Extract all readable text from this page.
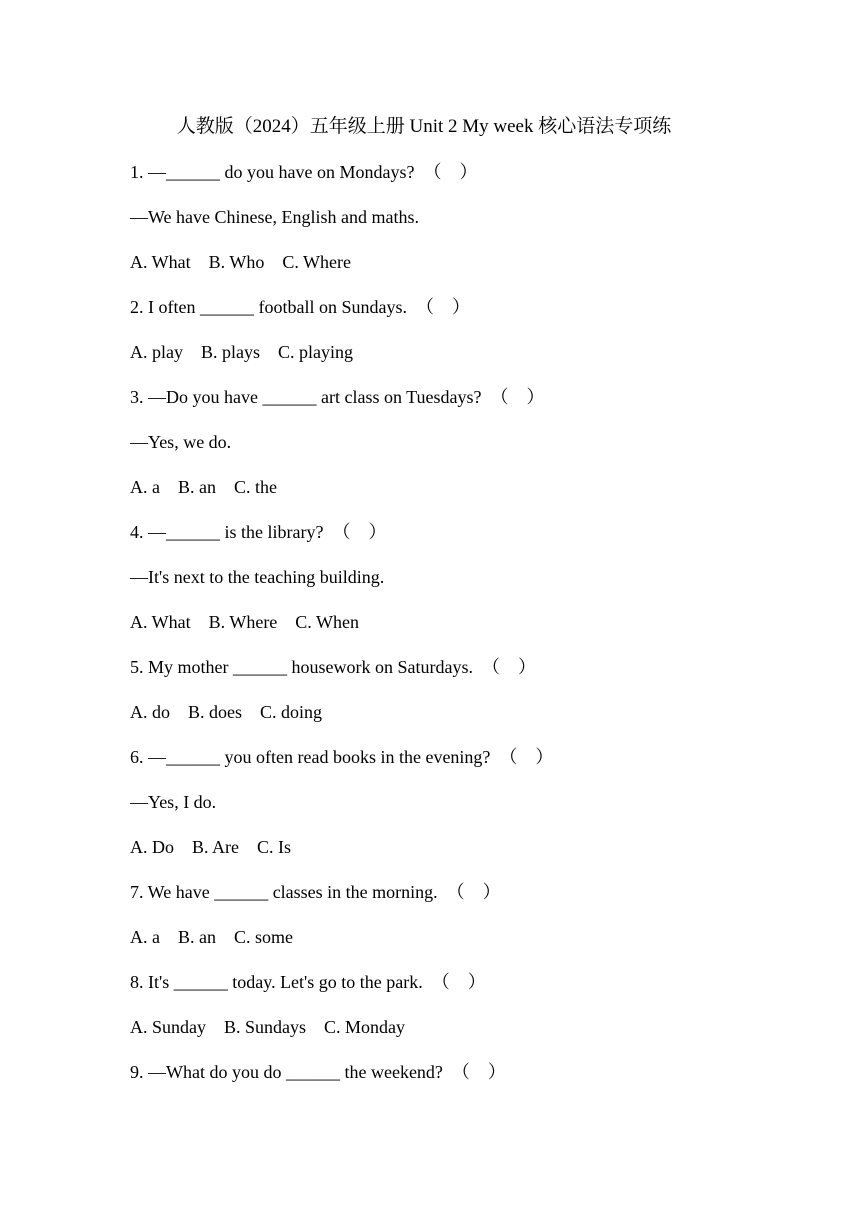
人教版（2024）五年级上册 Unit 2 My week 核心语法专项练
1. —______ do you have on Mondays?  （    ）
—We have Chinese, English and maths.
A. What    B. Who    C. Where
2. I often ______ football on Sundays.  （    ）
A. play    B. plays    C. playing
3. —Do you have ______ art class on Tuesdays?  （    ）
—Yes, we do.
A. a    B. an    C. the
4. —______ is the library?  （    ）
—It's next to the teaching building.
A. What    B. Where    C. When
5. My mother ______ housework on Saturdays.  （    ）
A. do    B. does    C. doing
6. —______ you often read books in the evening?  （    ）
—Yes, I do.
A. Do    B. Are    C. Is
7. We have ______ classes in the morning.  （    ）
A. a    B. an    C. some
8. It's ______ today. Let's go to the park.  （    ）
A. Sunday    B. Sundays    C. Monday
9. —What do you do ______ the weekend?  （    ）
